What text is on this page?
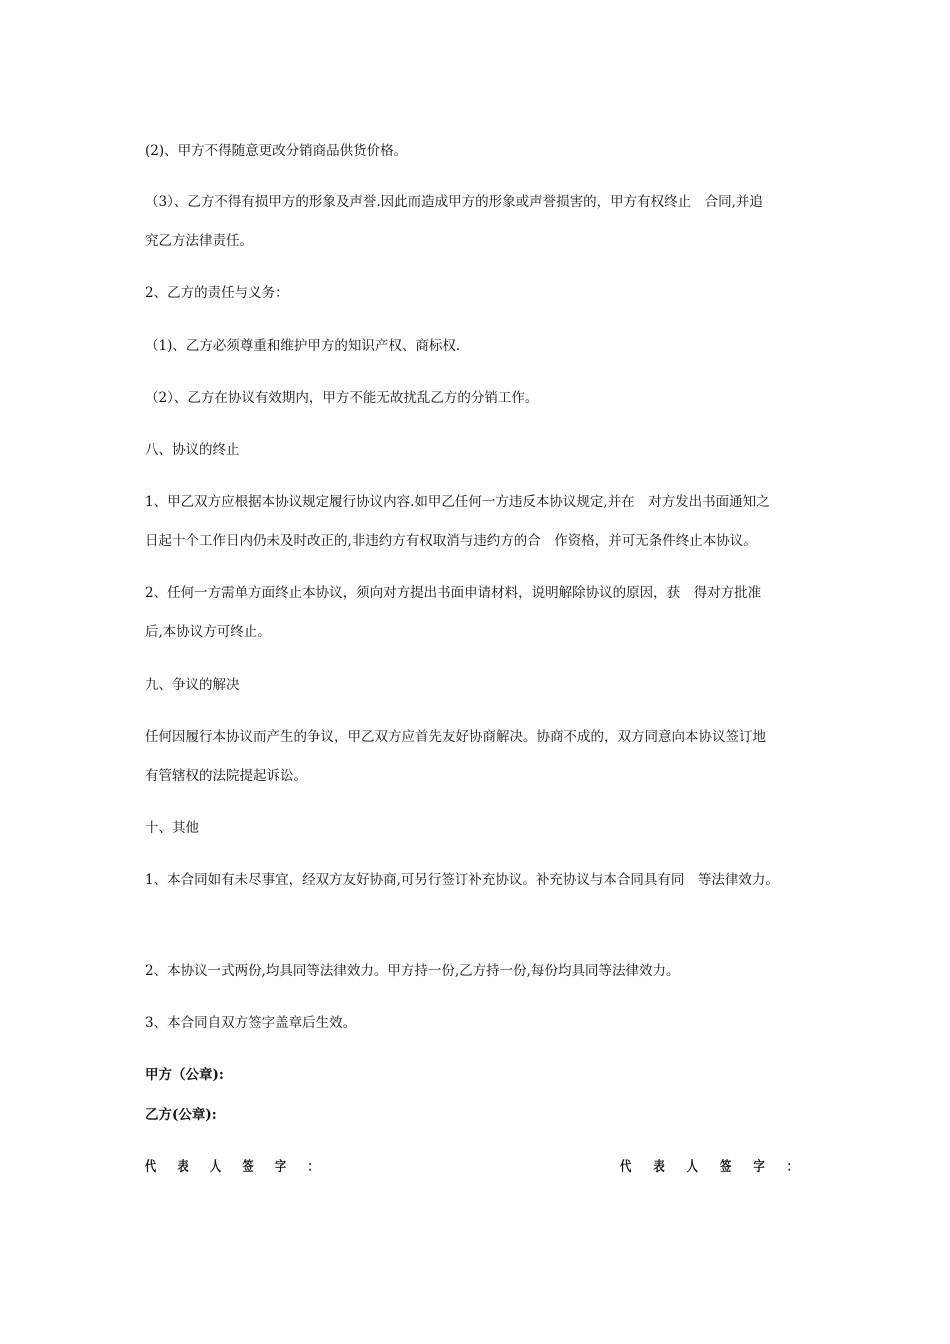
(2)、甲方不得随意更改分销商品供货价格。
（3）、乙方不得有损甲方的形象及声誉.因此而造成甲方的形象或声誉损害的，甲方有权终止　合同,并追
究乙方法律责任。
2、乙方的责任与义务：
（1)、乙方必须尊重和维护甲方的知识产权、商标权.
（2）、乙方在协议有效期内，甲方不能无故扰乱乙方的分销工作。
八、协议的终止
1、甲乙双方应根据本协议规定履行协议内容.如甲乙任何一方违反本协议规定,并在　对方发出书面通知之
日起十个工作日内仍未及时改正的,非违约方有权取消与违约方的合　作资格，并可无条件终止本协议。
2、任何一方需单方面终止本协议，须向对方提出书面申请材料，说明解除协议的原因，获　得对方批准
后,本协议方可终止。
九、争议的解决
任何因履行本协议而产生的争议，甲乙双方应首先友好协商解决。协商不成的，双方同意向本协议签订地
有管辖权的法院提起诉讼。
十、其他
1、本合同如有未尽事宜，经双方友好协商,可另行签订补充协议。补充协议与本合同具有同　等法律效力。
2、本协议一式两份,均具同等法律效力。甲方持一份,乙方持一份,每份均具同等法律效力。
3、本合同自双方签字盖章后生效。
甲方（公章):
乙方(公章):
代表人签字：	代表人签字：
